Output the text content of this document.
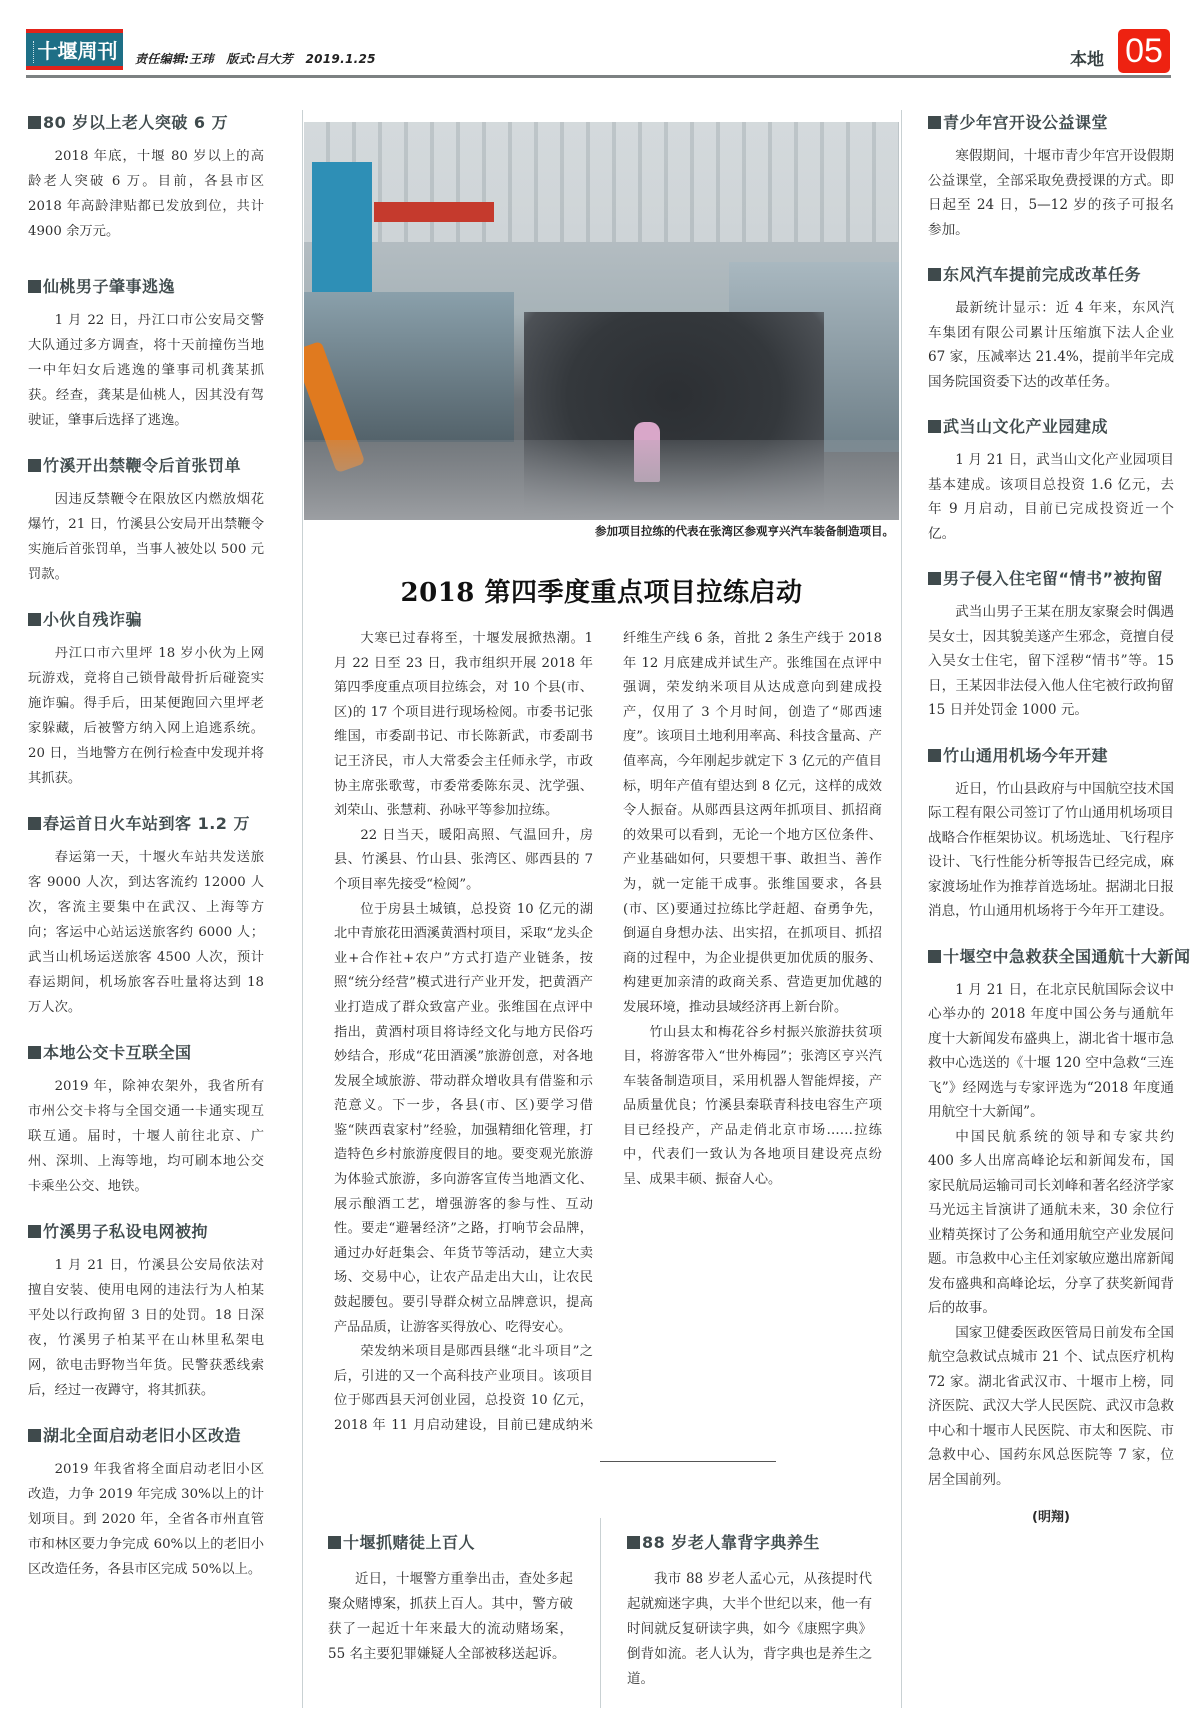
十堰周刊 责任编辑:王玮 版式:吕大芳 2019.1.25	本地 05
80 岁以上老人突破 6 万

2018 年底，十堰 80 岁以上的高龄老人突破 6 万。目前，各县市区 2018 年高龄津贴都已发放到位，共计 4900 余万元。

仙桃男子肇事逃逸

1 月 22 日，丹江口市公安局交警大队通过多方调查，将十天前撞伤当地一中年妇女后逃逸的肇事司机龚某抓获。经查，龚某是仙桃人，因其没有驾驶证，肇事后选择了逃逸。

竹溪开出禁鞭令后首张罚单

因违反禁鞭令在限放区内燃放烟花爆竹，21 日，竹溪县公安局开出禁鞭令实施后首张罚单，当事人被处以 500 元罚款。

小伙自残诈骗

丹江口市六里坪 18 岁小伙为上网玩游戏，竟将自己锁骨敲骨折后碰瓷实施诈骗。得手后，田某便跑回六里坪老家躲藏，后被警方纳入网上追逃系统。20 日，当地警方在例行检查中发现并将其抓获。

春运首日火车站到客 1.2 万

春运第一天，十堰火车站共发送旅客 9000 人次，到达客流约 12000 人次，客流主要集中在武汉、上海等方向；客运中心站运送旅客约 6000 人；武当山机场运送旅客 4500 人次，预计春运期间，机场旅客吞吐量将达到 18 万人次。

本地公交卡互联全国

2019 年，除神农架外，我省所有市州公交卡将与全国交通一卡通实现互联互通。届时，十堰人前往北京、广州、深圳、上海等地，均可刷本地公交卡乘坐公交、地铁。

竹溪男子私设电网被拘

1 月 21 日，竹溪县公安局依法对擅自安装、使用电网的违法行为人柏某平处以行政拘留 3 日的处罚。18 日深夜，竹溪男子柏某平在山林里私架电网，欲电击野物当年货。民警获悉线索后，经过一夜蹲守，将其抓获。

湖北全面启动老旧小区改造

2019 年我省将全面启动老旧小区改造，力争 2019 年完成 30%以上的计划项目。到 2020 年，全省各市州直管市和林区要力争完成 60%以上的老旧小区改造任务，各县市区完成 50%以上。

参加项目拉练的代表在张湾区参观亨兴汽车装备制造项目。
2018 第四季度重点项目拉练启动

大寒已过春将至，十堰发展掀热潮。1 月 22 日至 23 日，我市组织开展 2018 年第四季度重点项目拉练会，对 10 个县(市、区)的 17 个项目进行现场检阅。市委书记张维国，市委副书记、市长陈新武，市委副书记王济民，市人大常委会主任师永学，市政协主席张歌莺，市委常委陈东灵、沈学强、刘荣山、张慧莉、孙咏平等参加拉练。

22 日当天，暖阳高照、气温回升，房县、竹溪县、竹山县、张湾区、郧西县的 7 个项目率先接受“检阅”。

位于房县土城镇，总投资 10 亿元的湖北中青旅花田酒溪黄酒村项目，采取“龙头企业+合作社+农户”方式打造产业链条，按照“统分经营”模式进行产业开发，把黄酒产业打造成了群众致富产业。张维国在点评中指出，黄酒村项目将诗经文化与地方民俗巧妙结合，形成“花田酒溪”旅游创意，对各地发展全域旅游、带动群众增收具有借鉴和示范意义。下一步，各县(市、区)要学习借鉴“陕西袁家村”经验，加强精细化管理，打造特色乡村旅游度假目的地。要变观光旅游为体验式旅游，多向游客宣传当地酒文化、展示酿酒工艺，增强游客的参与性、互动性。要走“避暑经济”之路，打响节会品牌，通过办好赶集会、年货节等活动，建立大卖场、交易中心，让农产品走出大山，让农民鼓起腰包。要引导群众树立品牌意识，提高产品品质，让游客买得放心、吃得安心。

荣发纳米项目是郧西县继“北斗项目”之后，引进的又一个高科技产业项目。该项目位于郧西县天河创业园，总投资 10 亿元，2018 年 11 月启动建设，目前已建成纳米纤维生产线 6 条，首批 2 条生产线于 2018 年 12 月底建成并试生产。张维国在点评中强调，荣发纳米项目从达成意向到建成投产，仅用了 3 个月时间，创造了“郧西速度”。该项目土地利用率高、科技含量高、产值率高，今年刚起步就定下 3 亿元的产值目标，明年产值有望达到 8 亿元，这样的成效令人振奋。从郧西县这两年抓项目、抓招商的效果可以看到，无论一个地方区位条件、产业基础如何，只要想干事、敢担当、善作为，就一定能干成事。张维国要求，各县(市、区)要通过拉练比学赶超、奋勇争先，倒逼自身想办法、出实招，在抓项目、抓招商的过程中，为企业提供更加优质的服务、构建更加亲清的政商关系、营造更加优越的发展环境，推动县域经济再上新台阶。

竹山县太和梅花谷乡村振兴旅游扶贫项目，将游客带入“世外梅园”；张湾区亨兴汽车装备制造项目，采用机器人智能焊接，产品质量优良；竹溪县秦联青科技电容生产项目已经投产，产品走俏北京市场……拉练中，代表们一致认为各地项目建设亮点纷呈、成果丰硕、振奋人心。

十堰抓赌徒上百人

近日，十堰警方重拳出击，查处多起聚众赌博案，抓获上百人。其中，警方破获了一起近十年来最大的流动赌场案，55 名主要犯罪嫌疑人全部被移送起诉。

88 岁老人靠背字典养生

我市 88 岁老人孟心元，从孩提时代起就痴迷字典，大半个世纪以来，他一有时间就反复研读字典，如今《康熙字典》倒背如流。老人认为，背字典也是养生之道。

青少年宫开设公益课堂

寒假期间，十堰市青少年宫开设假期公益课堂，全部采取免费授课的方式。即日起至 24 日，5—12 岁的孩子可报名参加。

东风汽车提前完成改革任务

最新统计显示：近 4 年来，东风汽车集团有限公司累计压缩旗下法人企业 67 家，压减率达 21.4%，提前半年完成国务院国资委下达的改革任务。

武当山文化产业园建成

1 月 21 日，武当山文化产业园项目基本建成。该项目总投资 1.6 亿元，去年 9 月启动，目前已完成投资近一个亿。

男子侵入住宅留“情书”被拘留

武当山男子王某在朋友家聚会时偶遇吴女士，因其貌美遂产生邪念，竟擅自侵入吴女士住宅，留下淫秽“情书”等。15 日，王某因非法侵入他人住宅被行政拘留 15 日并处罚金 1000 元。

竹山通用机场今年开建

近日，竹山县政府与中国航空技术国际工程有限公司签订了竹山通用机场项目战略合作框架协议。机场选址、飞行程序设计、飞行性能分析等报告已经完成，麻家渡场址作为推荐首选场址。据湖北日报消息，竹山通用机场将于今年开工建设。

十堰空中急救获全国通航十大新闻

1 月 21 日，在北京民航国际会议中心举办的 2018 年度中国公务与通航年度十大新闻发布盛典上，湖北省十堰市急救中心选送的《十堰 120 空中急救“三连飞”》经网选与专家评选为“2018 年度通用航空十大新闻”。

中国民航系统的领导和专家共约 400 多人出席高峰论坛和新闻发布，国家民航局运输司司长刘峰和著名经济学家马光远主旨演讲了通航未来，30 余位行业精英探讨了公务和通用航空产业发展问题。市急救中心主任刘家敏应邀出席新闻发布盛典和高峰论坛，分享了获奖新闻背后的故事。

国家卫健委医政医管局日前发布全国航空急救试点城市 21 个、试点医疗机构 72 家。湖北省武汉市、十堰市上榜，同济医院、武汉大学人民医院、武汉市急救中心和十堰市人民医院、市太和医院、市急救中心、国药东风总医院等 7 家，位居全国前列。

(明翔)
